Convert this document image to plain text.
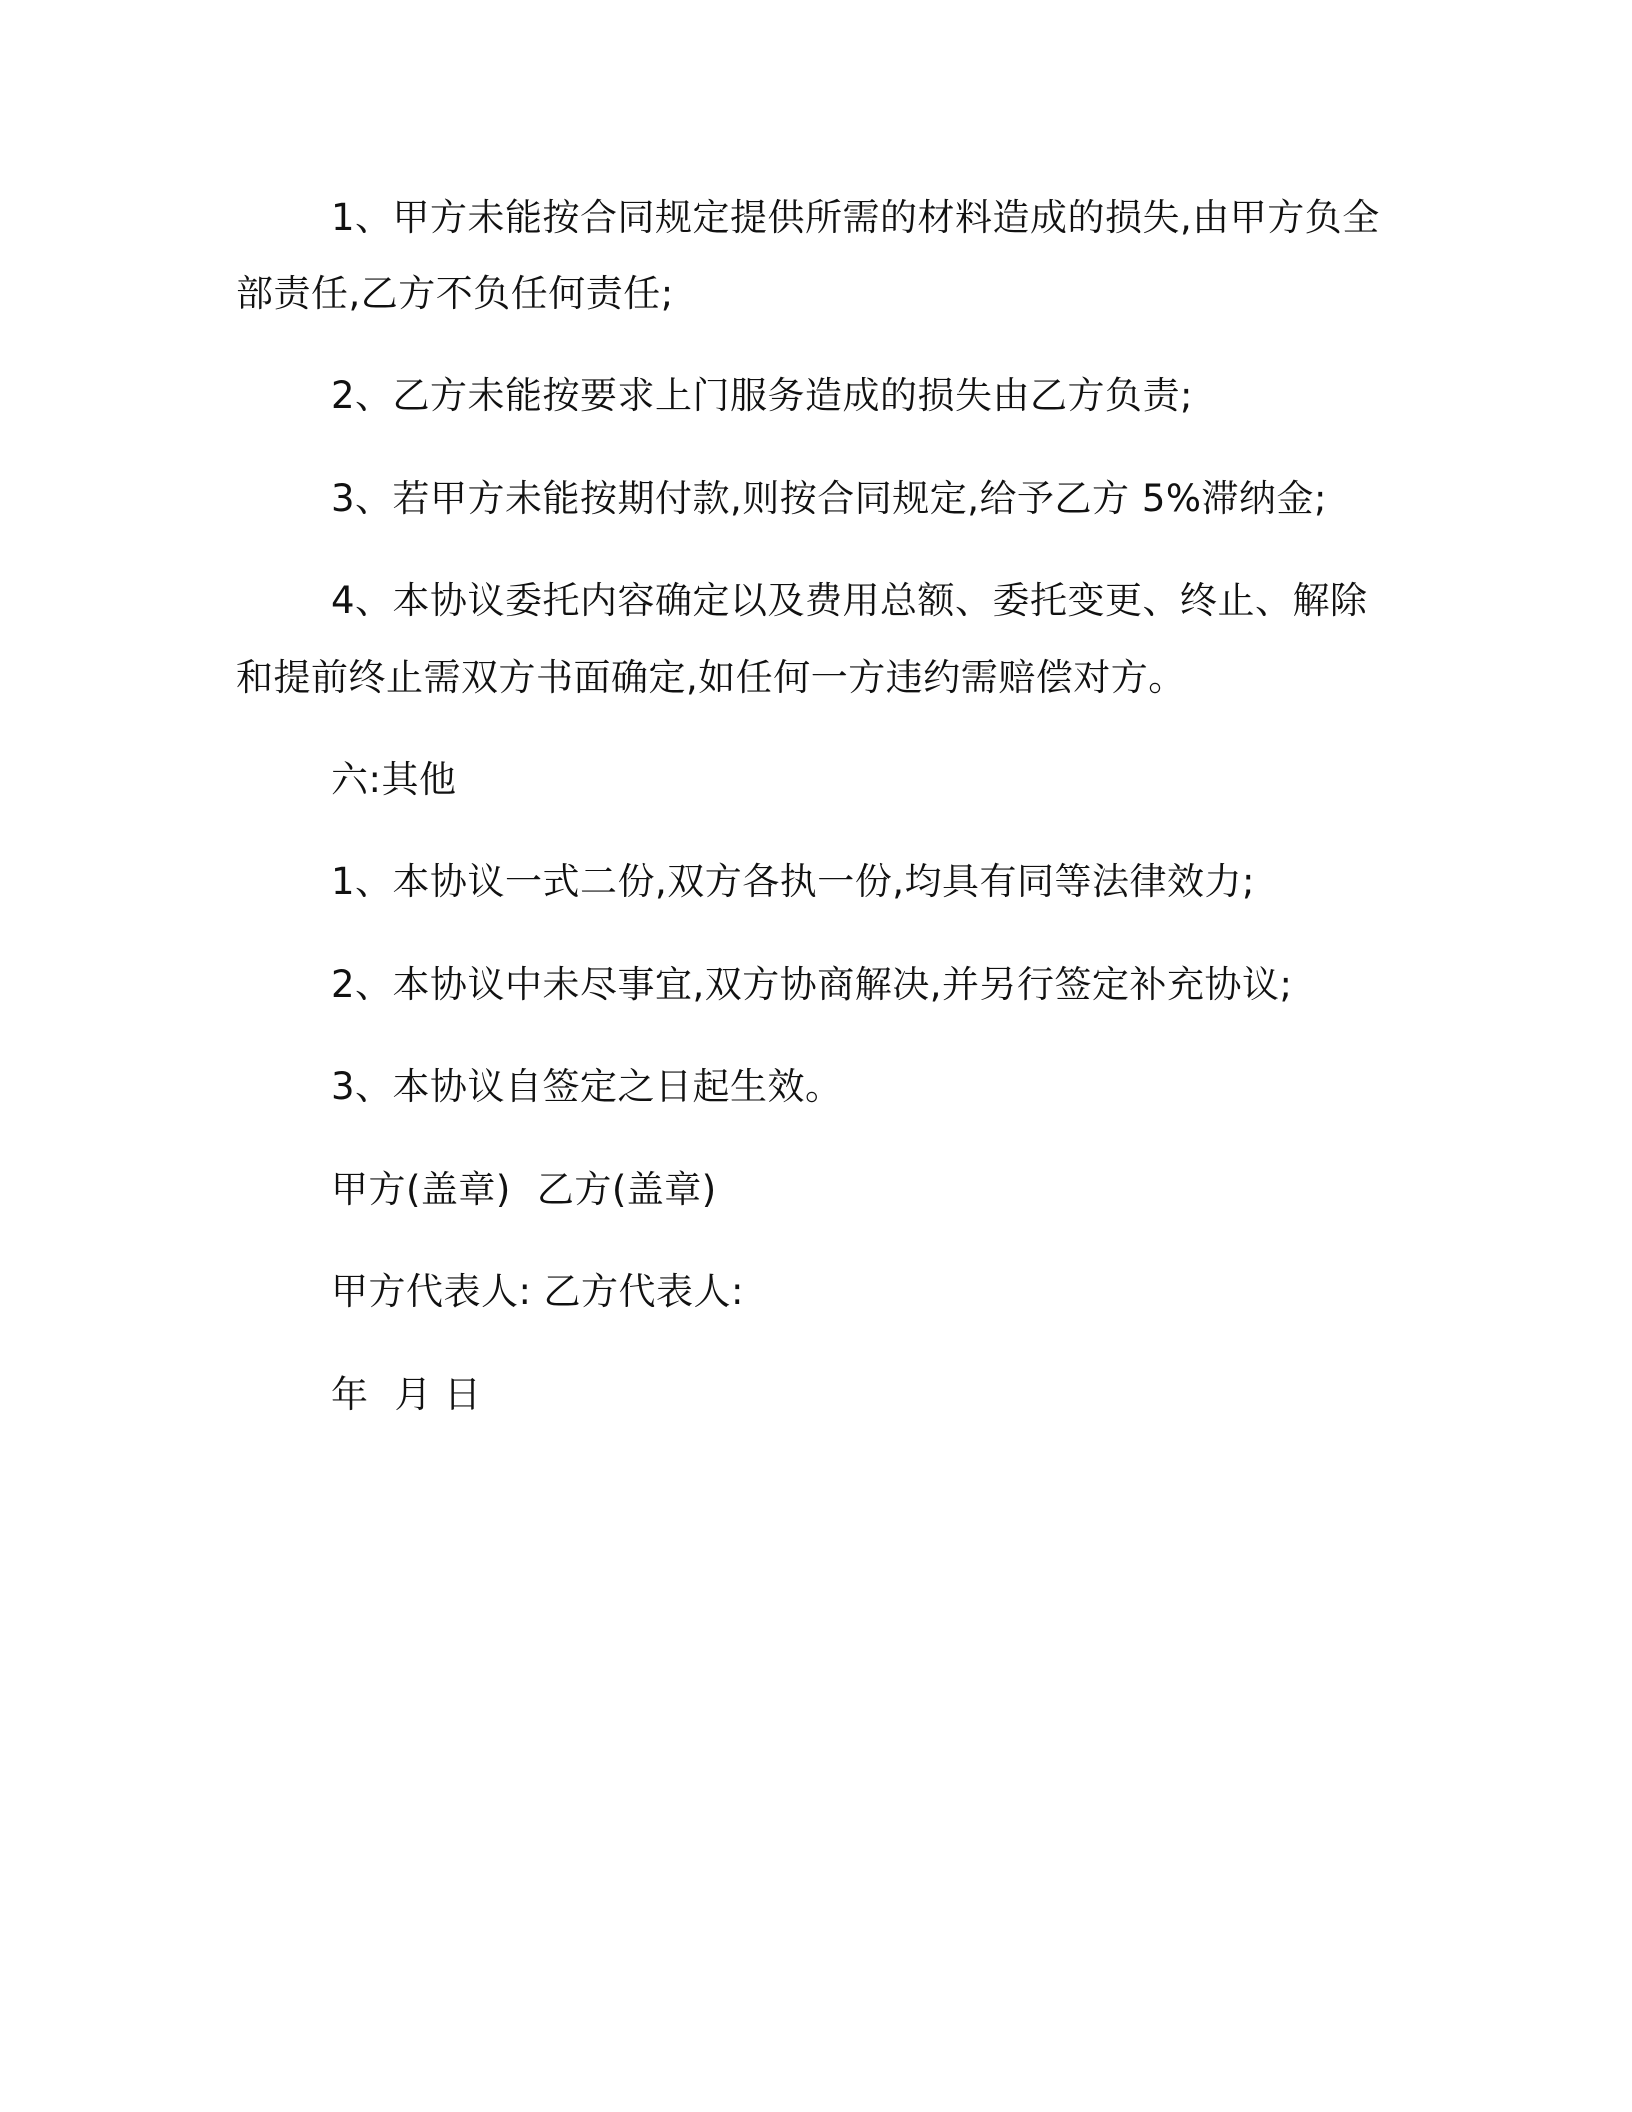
1、甲方未能按合同规定提供所需的材料造成的损失,由甲方负全
部责任,乙方不负任何责任;
2、乙方未能按要求上门服务造成的损失由乙方负责;
3、若甲方未能按期付款,则按合同规定,给予乙方 5%滞纳金;
4、本协议委托内容确定以及费用总额、委托变更、终止、解除
和提前终止需双方书面确定,如任何一方违约需赔偿对方。
六:其他
1、本协议一式二份,双方各执一份,均具有同等法律效力;
2、本协议中未尽事宜,双方协商解决,并另行签定补充协议;
3、本协议自签定之日起生效。
甲方(盖章) 乙方(盖章)
甲方代表人: 乙方代表人:
年 月 日
